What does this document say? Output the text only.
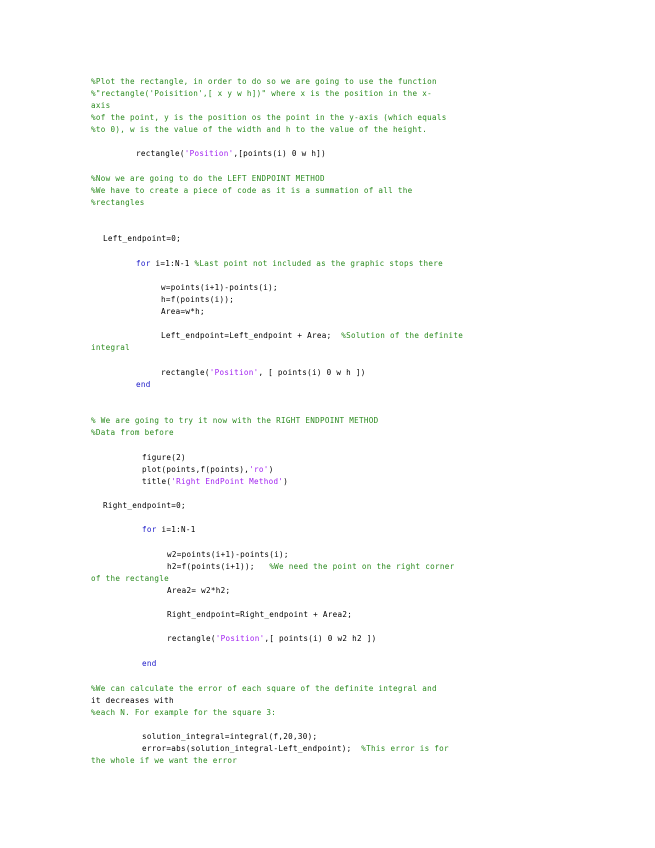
%Plot the rectangle, in order to do so we are going to use the function
%"rectangle('Poisition',[ x y w h])" where x is the position in the x-
axis
%of the point, y is the position os the point in the y-axis (which equals
%to 0), w is the value of the width and h to the value of the height.
rectangle('Position',[points(i) 0 w h])
%Now we are going to do the LEFT ENDPOINT METHOD
%We have to create a piece of code as it is a summation of all the
%rectangles
Left_endpoint=0;
for i=1:N-1 %Last point not included as the graphic stops there
w=points(i+1)-points(i);
h=f(points(i));
Area=w*h;
Left_endpoint=Left_endpoint + Area;  %Solution of the definite
integral
rectangle('Position', [ points(i) 0 w h ])
end
% We are going to try it now with the RIGHT ENDPOINT METHOD
%Data from before
figure(2)
plot(points,f(points),'ro')
title('Right EndPoint Method')
Right_endpoint=0;
for i=1:N-1
w2=points(i+1)-points(i);
h2=f(points(i+1));   %We need the point on the right corner
of the rectangle
Area2= w2*h2;
Right_endpoint=Right_endpoint + Area2;
rectangle('Position',[ points(i) 0 w2 h2 ])
end
%We can calculate the error of each square of the definite integral and
it decreases with
%each N. For example for the square 3:
solution_integral=integral(f,20,30);
error=abs(solution_integral-Left_endpoint);  %This error is for
the whole if we want the error
